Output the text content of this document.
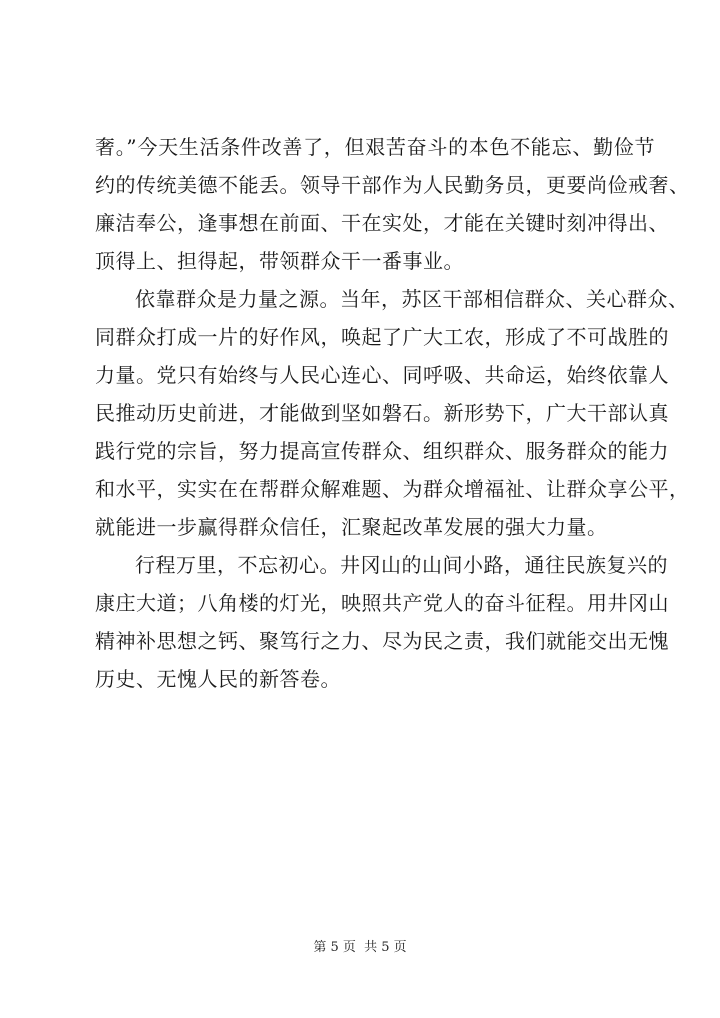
奢。”今天生活条件改善了，但艰苦奋斗的本色不能忘、勤俭节
约的传统美德不能丢。领导干部作为人民勤务员，更要尚俭戒奢、
廉洁奉公，逢事想在前面、干在实处，才能在关键时刻冲得出、
顶得上、担得起，带领群众干一番事业。
依靠群众是力量之源。当年，苏区干部相信群众、关心群众、
同群众打成一片的好作风，唤起了广大工农，形成了不可战胜的
力量。党只有始终与人民心连心、同呼吸、共命运，始终依靠人
民推动历史前进，才能做到坚如磐石。新形势下，广大干部认真
践行党的宗旨，努力提高宣传群众、组织群众、服务群众的能力
和水平，实实在在帮群众解难题、为群众增福祉、让群众享公平，
就能进一步赢得群众信任，汇聚起改革发展的强大力量。
行程万里，不忘初心。井冈山的山间小路，通往民族复兴的
康庄大道；八角楼的灯光，映照共产党人的奋斗征程。用井冈山
精神补思想之钙、聚笃行之力、尽为民之责，我们就能交出无愧
历史、无愧人民的新答卷。
第 5 页 共 5 页
